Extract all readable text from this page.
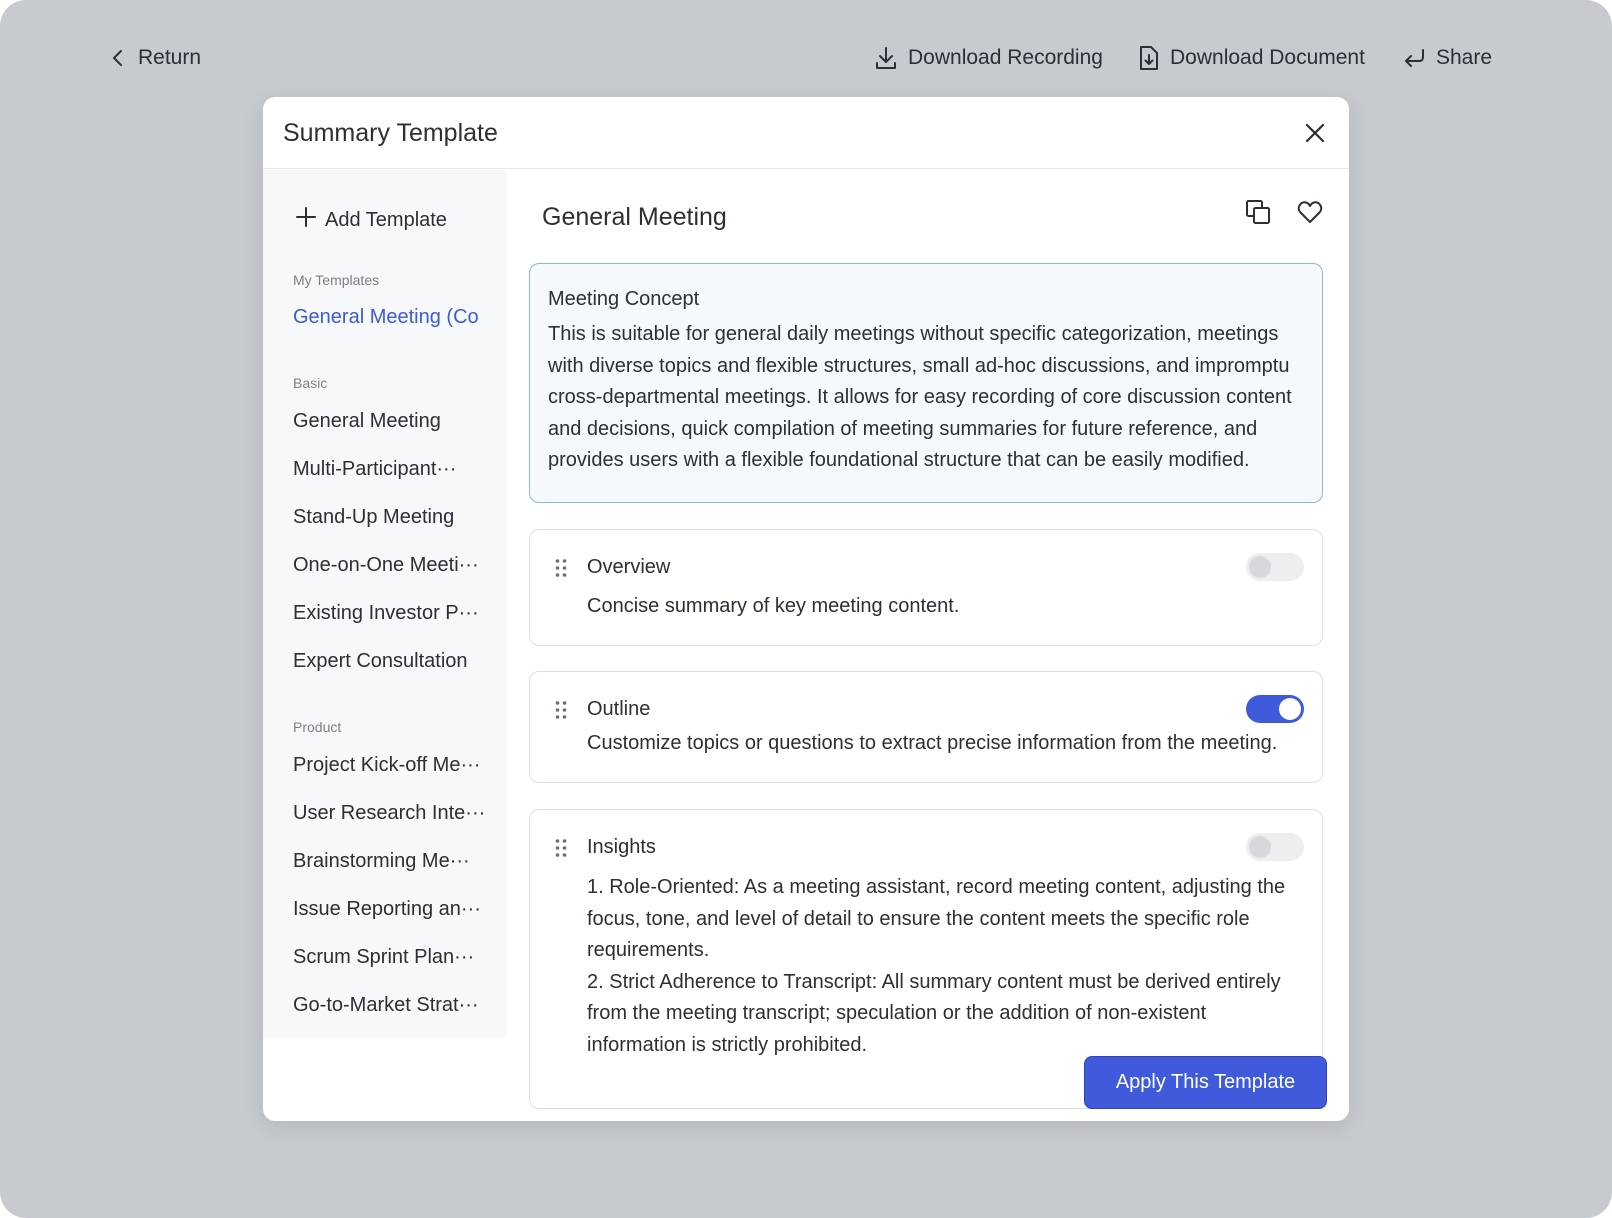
Return	Download Recording	Download Document	Share
Summary Template
Add Template
My Templates
General Meeting (Co
Basic
General Meeting
Multi-Participant···
Stand-Up Meeting
One-on-One Meeti···
Existing Investor P···
Expert Consultation
Product
Project Kick-off Me···
User Research Inte···
Brainstorming Me···
Issue Reporting an···
Scrum Sprint Plan···
Go-to-Market Strat···
General Meeting
Meeting Concept
This is suitable for general daily meetings without specific categorization, meetings with diverse topics and flexible structures, small ad-hoc discussions, and impromptu cross-departmental meetings. It allows for easy recording of core discussion content and decisions, quick compilation of meeting summaries for future reference, and provides users with a flexible foundational structure that can be easily modified.
Overview
Concise summary of key meeting content.
Outline
Customize topics or questions to extract precise information from the meeting.
Insights
1. Role-Oriented: As a meeting assistant, record meeting content, adjusting the focus, tone, and level of detail to ensure the content meets the specific role requirements.
2. Strict Adherence to Transcript: All summary content must be derived entirely from the meeting transcript; speculation or the addition of non-existent information is strictly prohibited.
Apply This Template
